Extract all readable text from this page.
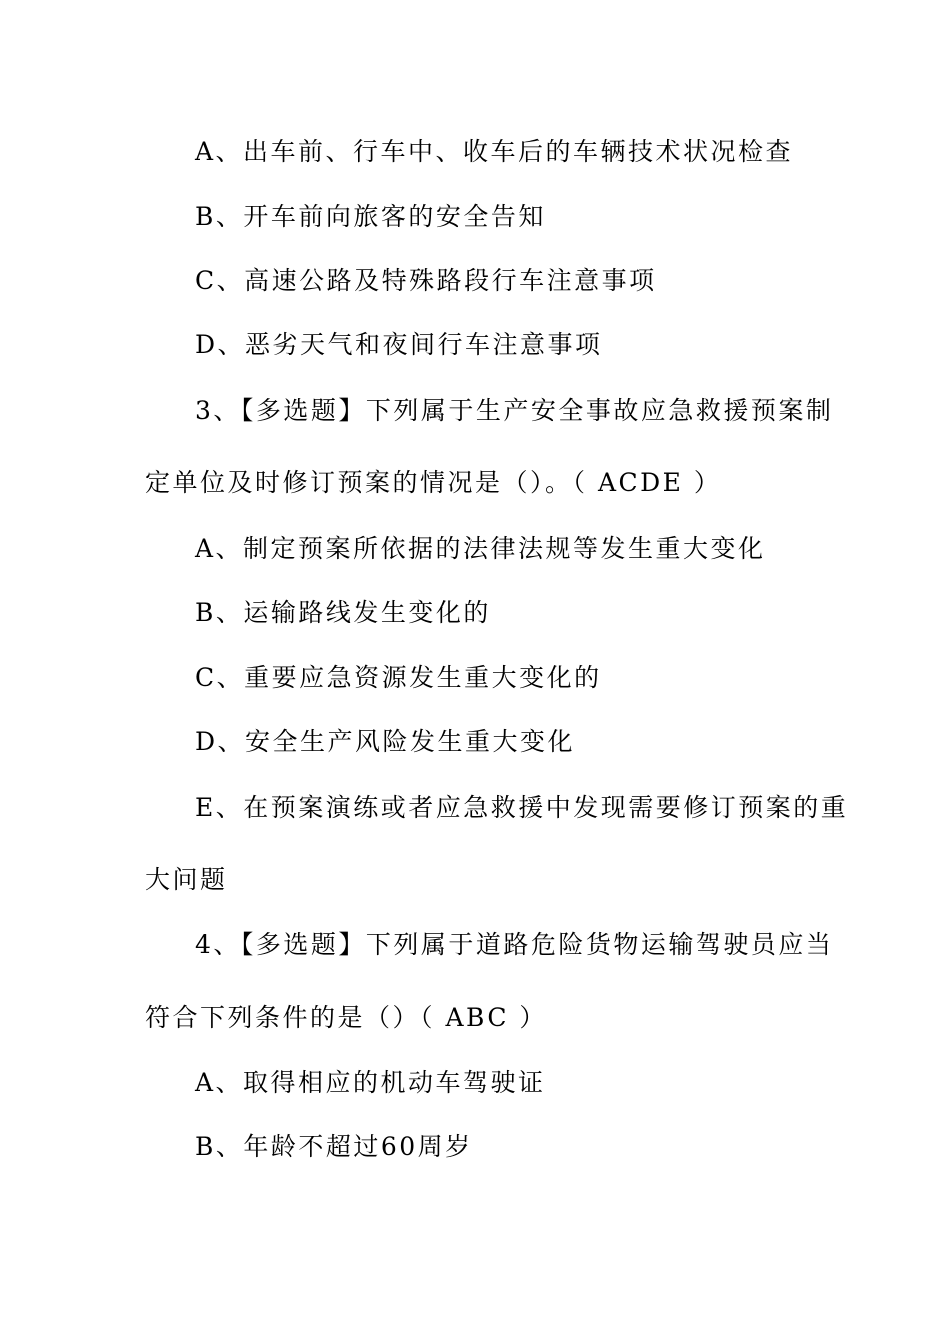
A、出车前、行车中、收车后的车辆技术状况检查
B、开车前向旅客的安全告知
C、高速公路及特殊路段行车注意事项
D、恶劣天气和夜间行车注意事项
3、【多选题】下列属于生产安全事故应急救援预案制
定单位及时修订预案的情况是（）。（ ACDE ）
A、制定预案所依据的法律法规等发生重大变化
B、运输路线发生变化的
C、重要应急资源发生重大变化的
D、安全生产风险发生重大变化
E、在预案演练或者应急救援中发现需要修订预案的重
大问题
4、【多选题】下列属于道路危险货物运输驾驶员应当
符合下列条件的是（）（ ABC ）
A、取得相应的机动车驾驶证
B、年龄不超过60周岁
